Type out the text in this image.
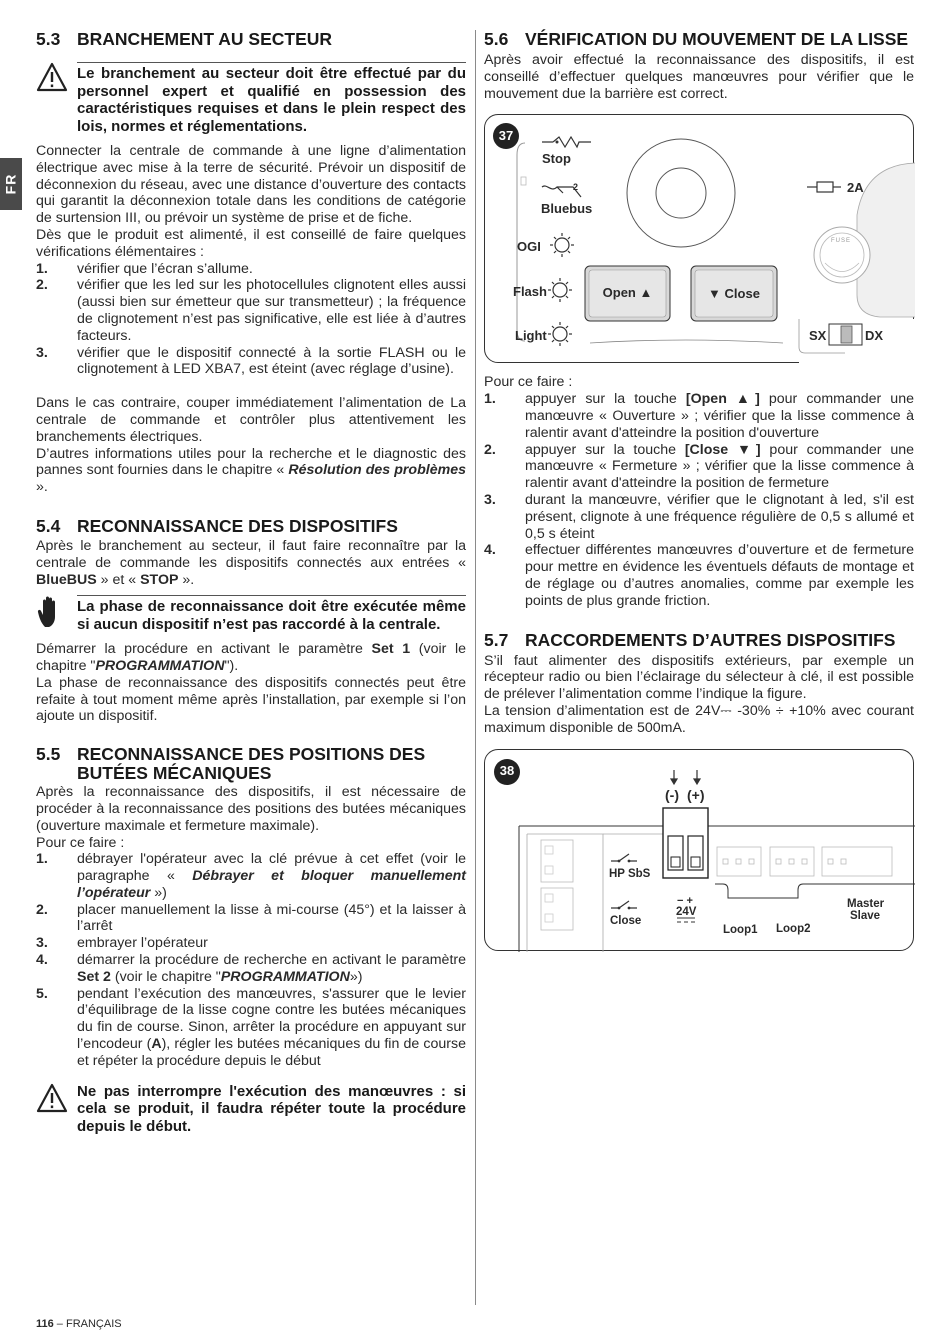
FR
5.3 BRANCHEMENT AU SECTEUR
Le branchement au secteur doit être effectué par du personnel expert et qualifié en possession des caractéristiques requises et dans le plein respect des lois, normes et réglementations.

Connecter la centrale de commande à une ligne d’alimentation électrique avec mise à la terre de sécurité. Prévoir un dispositif de déconnexion du réseau, avec une distance d’ouverture des contacts qui garantit la déconnexion totale dans les conditions de catégorie de surtension III, ou prévoir un système de prise et de fiche.

Dès que le produit est alimenté, il est conseillé de faire quelques vérifications élémentaires :

1.	vérifier que l’écran s’allume.
2.	vérifier que les led sur les photocellules clignotent elles aussi (aussi bien sur émetteur que sur transmetteur) ; la fréquence de clignotement n’est pas significative, elle est liée à d’autres facteurs.
3.	vérifier que le dispositif connecté à la sortie FLASH ou le clignotement à LED XBA7, est éteint (avec réglage d’usine).

Dans le cas contraire, couper immédiatement l’alimentation de La centrale de commande et contrôler plus attentivement les branchements électriques.

D’autres informations utiles pour la recherche et le diagnostic des pannes sont fournies dans le chapitre « Résolution des problèmes ».

5.4 RECONNAISSANCE DES DISPOSITIFS

Après le branchement au secteur, il faut faire reconnaître par la centrale de commande les dispositifs connectés aux entrées « BlueBUS » et « STOP ».

La phase de reconnaissance doit être exécutée même si aucun dispositif n’est pas raccordé à la centrale.

Démarrer la procédure en activant le paramètre Set 1 (voir le chapitre "PROGRAMMATION").

La phase de reconnaissance des dispositifs connectés peut être refaite à tout moment même après l’installation, par exemple si l’on ajoute un dispositif.

5.5 RECONNAISSANCE DES POSITIONS DES BUTÉES MÉCANIQUES

Après la reconnaissance des dispositifs, il est nécessaire de procéder à la reconnaissance des positions des butées mécaniques (ouverture maximale et fermeture maximale).

Pour ce faire :

1.	débrayer l'opérateur avec la clé prévue à cet effet (voir le paragraphe « Débrayer et bloquer manuellement l’opérateur »)
2.	placer manuellement la lisse à mi-course (45°) et la laisser à l’arrêt
3.	embrayer l’opérateur
4.	démarrer la procédure de recherche en activant le paramètre Set 2 (voir le chapitre "PROGRAMMATION»)
5.	pendant l’exécution des manœuvres, s'assurer que le levier d’équilibrage de la lisse cogne contre les butées mécaniques du fin de course. Sinon, arrêter la procédure en appuyant sur l’encodeur (A), régler les butées mécaniques du fin de course et répéter la procédure depuis le début
Ne pas interrompre l'exécution des manœuvres : si cela se produit, il faudra répéter toute la procédure depuis le début.
5.6 VÉRIFICATION DU MOUVEMENT DE LA LISSE

Après avoir effectué la reconnaissance des dispositifs, il est conseillé d’effectuer quelques manœuvres pour vérifier que le mouvement due la barrière est correct.

37
Stop
2
Bluebus
OGI
Flash
Light
Open ▲	▼ Close
2A
FUSE
SX	DX

Pour ce faire :

1.	appuyer sur la touche [Open ▲] pour commander une manœuvre « Ouverture » ; vérifier que la lisse commence à ralentir avant d'atteindre la position d'ouverture
2.	appuyer sur la touche [Close ▼] pour commander une manœuvre « Fermeture » ; vérifier que la lisse commence à ralentir avant d'atteindre la position de fermeture
3.	durant la manœuvre, vérifier que le clignotant à led, s'il est présent, clignote à une fréquence régulière de 0,5 s allumé et 0,5 s éteint
4.	effectuer différentes manœuvres d’ouverture et de fermeture pour mettre en évidence les éventuels défauts de montage et de réglage ou d’autres anomalies, comme par exemple les points de plus grande friction.
5.7 RACCORDEMENTS D’AUTRES DISPOSITIFS

S’il faut alimenter des dispositifs extérieurs, par exemple un récepteur radio ou bien l’éclairage du sélecteur à clé, il est possible de prélever l’alimentation comme l’indique la figure.

La tension d’alimentation est de 24V⎓ -30% ÷ +10% avec courant maximum disponible de 500mA.

38
(-) (+)
HP SbS
Close
− +
24V
Loop1 Loop2
Master
Slave
116 – FRANÇAIS
